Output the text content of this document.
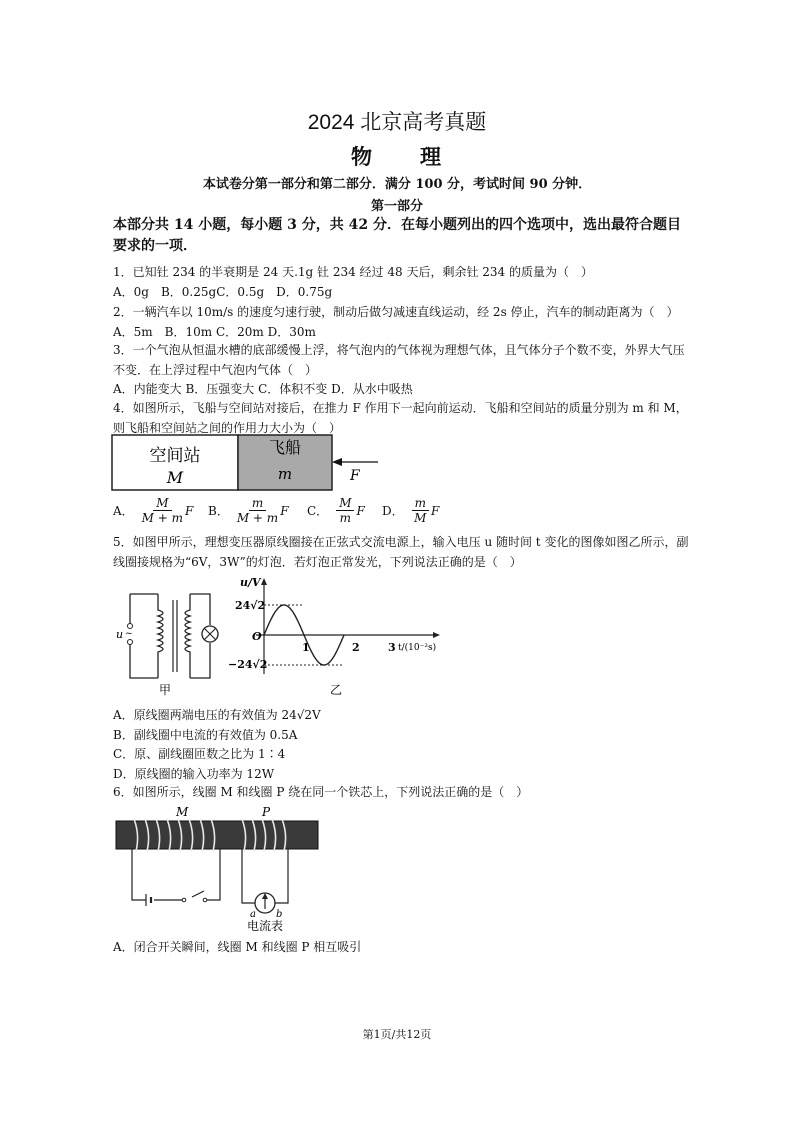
2024 北京高考真题
物　　理
本试卷分第一部分和第二部分．满分 100 分，考试时间 90 分钟．
第一部分
本部分共 14 小题，每小题 3 分，共 42 分．在每小题列出的四个选项中，选出最符合题目要求的一项．
1．已知钍 234 的半衰期是 24 天.1g 钍 234 经过 48 天后，剩余钍 234 的质量为（　）
A．0g　B．0.25gC．0.5g　D．0.75g
2．一辆汽车以 10m/s 的速度匀速行驶，制动后做匀减速直线运动，经 2s 停止，汽车的制动距离为（　）
A．5m　B．10m C．20m D．30m
3．一个气泡从恒温水槽的底部缓慢上浮，将气泡内的气体视为理想气体，且气体分子个数不变，外界大气压不变．在上浮过程中气泡内气体（　）
A．内能变大 B．压强变大 C．体积不变 D．从水中吸热
4．如图所示，飞船与空间站对接后，在推力 F 作用下一起向前运动．飞船和空间站的质量分别为 m 和 M，则飞船和空间站之间的作用力大小为（　）
空间站
M
飞船
m	F
A． $\frac{M}{M + m}$ F B． $\frac{m}{M + m}$ F C． $\frac{M}{m}$ F D． $\frac{m}{M}$ F
5．如图甲所示，理想变压器原线圈接在正弦式交流电源上，输入电压 u 随时间 t 变化的图像如图乙所示，副线圈接规格为“6V，3W”的灯泡．若灯泡正常发光，下列说法正确的是（　）
u ~
甲
u/V
24√2
−24√2
O
1	2	3 t/(10⁻²s)
乙
A．原线圈两端电压的有效值为 24√2V
B．副线圈中电流的有效值为 0.5A
C．原、副线圈匝数之比为 1∶4
D．原线圈的输入功率为 12W
6．如图所示，线圈 M 和线圈 P 绕在同一个铁芯上，下列说法正确的是（　）
M	P
a b
电流表
A．闭合开关瞬间，线圈 M 和线圈 P 相互吸引
第1页/共12页
